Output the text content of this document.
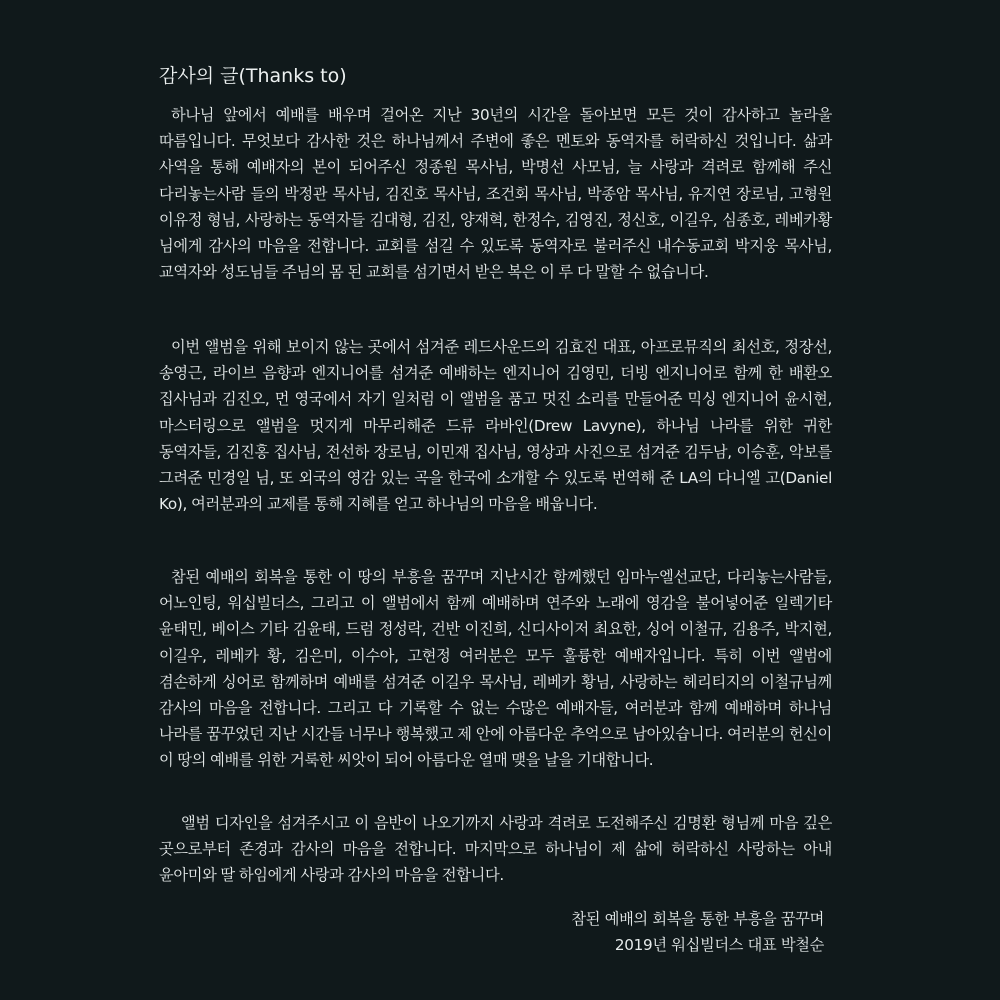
감사의 글(Thanks to)

하나님 앞에서 예배를 배우며 걸어온 지난 30년의 시간을 돌아보면 모든 것이 감사하고 놀라울 따름입니다. 무엇보다 감사한 것은 하나님께서 주변에 좋은 멘토와 동역자를 허락하신 것입니다. 삶과 사역을 통해 예배자의 본이 되어주신 정종원 목사님, 박명선 사모님, 늘 사랑과 격려로 함께해 주신 다리놓는사람 들의 박정관 목사님, 김진호 목사님, 조건회 목사님, 박종암 목사님, 유지연 장로님, 고형원 이유정 형님, 사랑하는 동역자들 김대형, 김진, 양재혁, 한정수, 김영진, 정신호, 이길우, 심종호, 레베카황 님에게 감사의 마음을 전합니다. 교회를 섬길 수 있도록 동역자로 불러주신 내수동교회 박지웅 목사님, 교역자와 성도님들 주님의 몸 된 교회를 섬기면서 받은 복은 이 루 다 말할 수 없습니다.

이번 앨범을 위해 보이지 않는 곳에서 섬겨준 레드사운드의 김효진 대표, 아프로뮤직의 최선호, 정장선, 송영근, 라이브 음향과 엔지니어를 섬겨준 예배하는 엔지니어 김영민, 더빙 엔지니어로 함께 한 배환오 집사님과 김진오, 먼 영국에서 자기 일처럼 이 앨범을 품고 멋진 소리를 만들어준 믹싱 엔지니어 윤시현, 마스터링으로 앨범을 멋지게 마무리해준 드류 라바인(Drew Lavyne), 하나님 나라를 위한 귀한 동역자들, 김진홍 집사님, 전선하 장로님, 이민재 집사님, 영상과 사진으로 섬겨준 김두남, 이승훈, 악보를 그려준 민경일 님, 또 외국의 영감 있는 곡을 한국에 소개할 수 있도록 번역해 준 LA의 다니엘 고(Daniel Ko), 여러분과의 교제를 통해 지혜를 얻고 하나님의 마음을 배웁니다.

참된 예배의 회복을 통한 이 땅의 부흥을 꿈꾸며 지난시간 함께했던 임마누엘선교단, 다리놓는사람들, 어노인팅, 워십빌더스, 그리고 이 앨범에서 함께 예배하며 연주와 노래에 영감을 불어넣어준 일렉기타 윤태민, 베이스 기타 김윤태, 드럼 정성락, 건반 이진희, 신디사이저 최요한, 싱어 이철규, 김용주, 박지현, 이길우, 레베카 황, 김은미, 이수아, 고현정 여러분은 모두 훌륭한 예배자입니다. 특히 이번 앨범에 겸손하게 싱어로 함께하며 예배를 섬겨준 이길우 목사님, 레베카 황님, 사랑하는 헤리티지의 이철규님께 감사의 마음을 전합니다. 그리고 다 기록할 수 없는 수많은 예배자들, 여러분과 함께 예배하며 하나님 나라를 꿈꾸었던 지난 시간들 너무나 행복했고 제 안에 아름다운 추억으로 남아있습니다. 여러분의 헌신이 이 땅의 예배를 위한 거룩한 씨앗이 되어 아름다운 열매 맺을 날을 기대합니다.

앨범 디자인을 섬겨주시고 이 음반이 나오기까지 사랑과 격려로 도전해주신 김명환 형님께 마음 깊은 곳으로부터 존경과 감사의 마음을 전합니다. 마지막으로 하나님이 제 삶에 허락하신 사랑하는 아내 윤아미와 딸 하임에게 사랑과 감사의 마음을 전합니다.

참된 예배의 회복을 통한 부흥을 꿈꾸며
2019년 워십빌더스 대표 박철순
